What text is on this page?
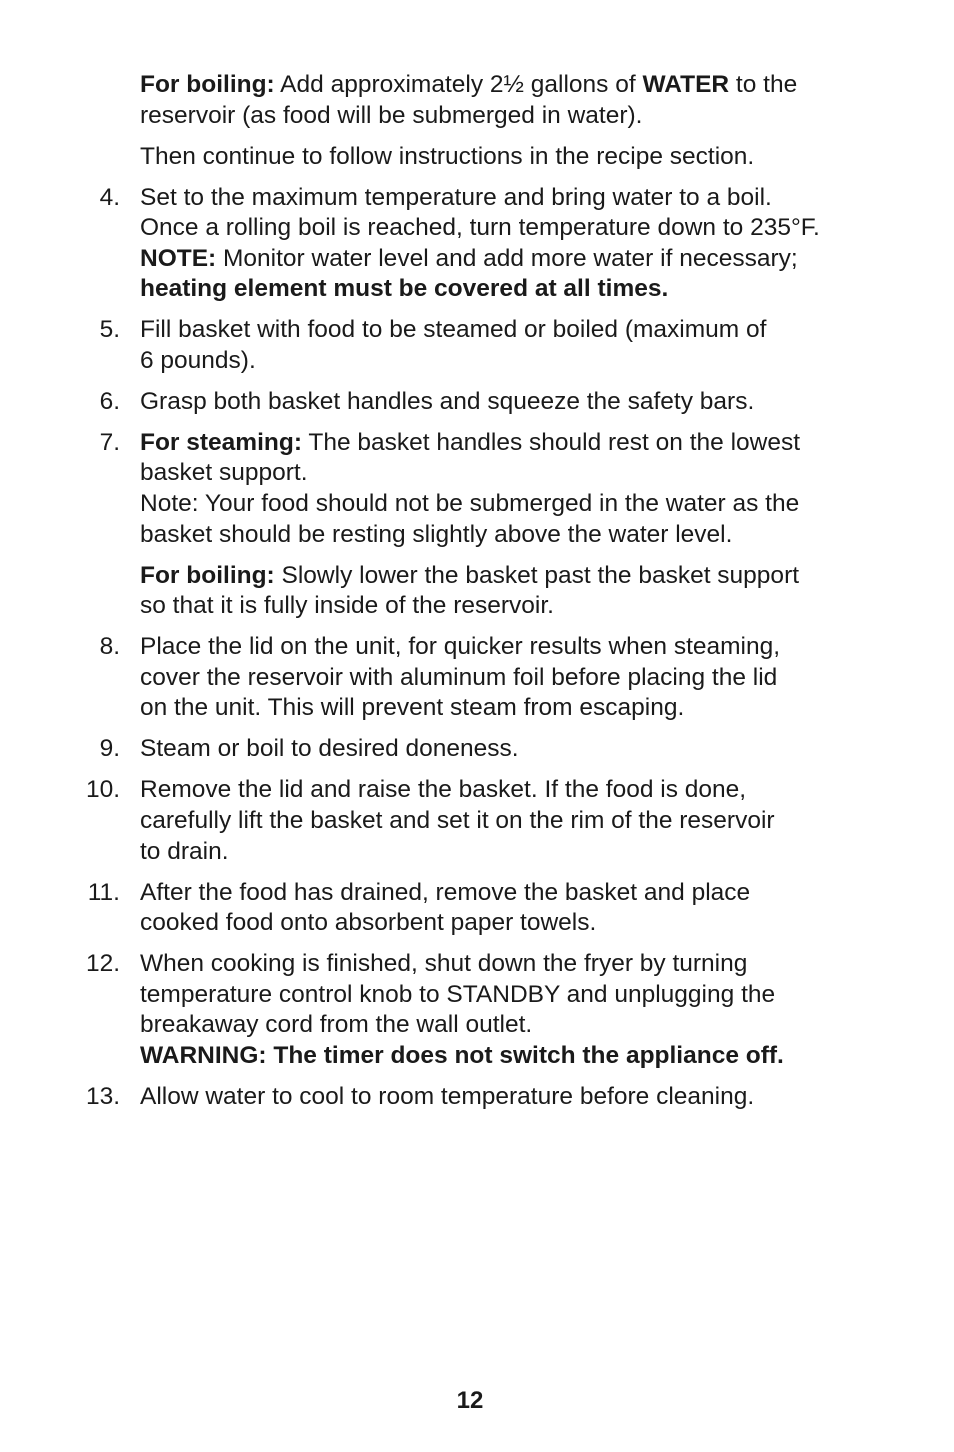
For boiling: Add approximately 2½ gallons of WATER to the
reservoir (as food will be submerged in water).
Then continue to follow instructions in the recipe section.
4. Set to the maximum temperature and bring water to a boil.
Once a rolling boil is reached, turn temperature down to 235°F.
NOTE: Monitor water level and add more water if necessary;
heating element must be covered at all times.
5. Fill basket with food to be steamed or boiled (maximum of
6 pounds).
6. Grasp both basket handles and squeeze the safety bars.
7. For steaming: The basket handles should rest on the lowest
basket support.
Note: Your food should not be submerged in the water as the
basket should be resting slightly above the water level.
For boiling: Slowly lower the basket past the basket support
so that it is fully inside of the reservoir.
8. Place the lid on the unit, for quicker results when steaming,
cover the reservoir with aluminum foil before placing the lid
on the unit. This will prevent steam from escaping.
9. Steam or boil to desired doneness.
10. Remove the lid and raise the basket. If the food is done,
carefully lift the basket and set it on the rim of the reservoir
to drain.
11. After the food has drained, remove the basket and place
cooked food onto absorbent paper towels.
12. When cooking is finished, shut down the fryer by turning
temperature control knob to STANDBY and unplugging the
breakaway cord from the wall outlet.
WARNING: The timer does not switch the appliance off.
13. Allow water to cool to room temperature before cleaning.
12
